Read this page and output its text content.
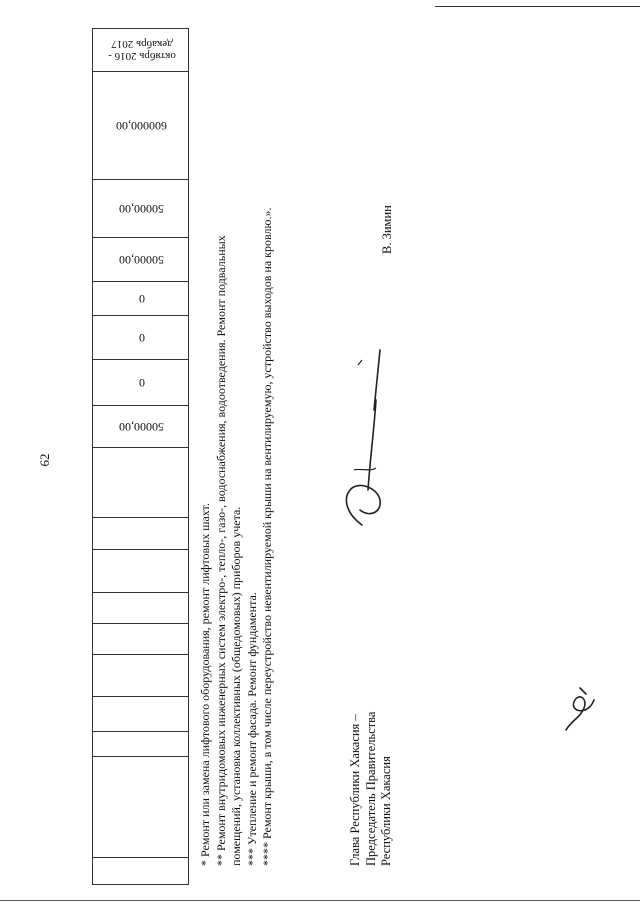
62
октябрь 2016 - декабрь 2017
600000,00
50000,00
50000,00
0
0
0
50000,00
* Ремонт или замена лифтового оборудования, ремонт лифтовых шахт. ** Ремонт внутридомовых инженерных систем электро-, тепло-, газо-, водоснабжения, водоотведения. Ремонт подвальных помещений, установка коллективных (общедомовых) приборов учета. *** Утепление и ремонт фасада. Ремонт фундамента. **** Ремонт крыши, в том числе переустройство невентилируемой крыши на вентилируемую, устройство выходов на кровлю.».	Глава Республики Хакасия – Председатель Правительства Республики Хакасия
В. Зимин
